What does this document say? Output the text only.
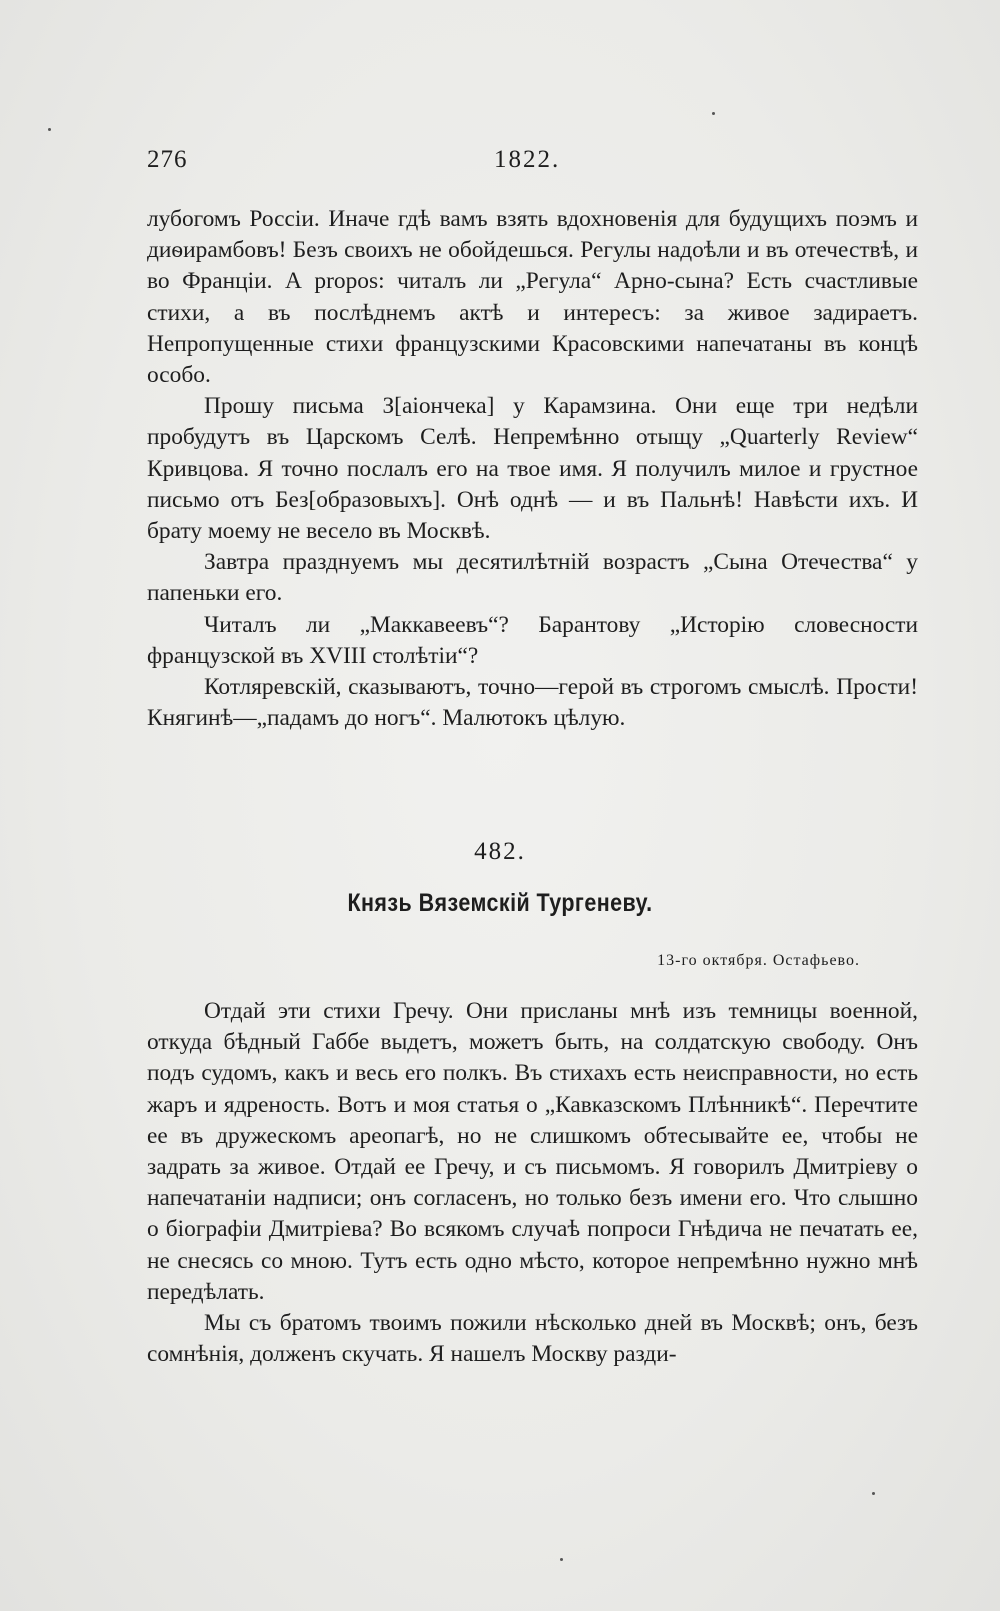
276	1822.

лубогомъ Россіи. Иначе гдѣ вамъ взять вдохновенія для будущихъ поэмъ и диѳирамбовъ! Безъ своихъ не обойдешься. Регулы надоѣли и въ отечествѣ, и во Франціи. А propos: читалъ ли „Регула“ Арно-сына? Есть счастливые стихи, а въ послѣднемъ актѣ и интересъ: за живое задираетъ. Непропущенные стихи французскими Красовскими напечатаны въ концѣ особо.

Прошу письма З[аіончека] у Карамзина. Они еще три недѣли пробудутъ въ Царскомъ Селѣ. Непремѣнно отыщу „Quarterly Review“ Кривцова. Я точно послалъ его на твое имя. Я получилъ милое и грустное письмо отъ Без[образовыхъ]. Онѣ однѣ — и въ Пальнѣ! Навѣсти ихъ. И брату моему не весело въ Москвѣ.

Завтра празднуемъ мы десятилѣтній возрастъ „Сына Отечества“ у папеньки его.

Читалъ ли „Маккавеевъ“? Барантову „Исторію словесности французской въ XVIII столѣтіи“?

Котляревскій, сказываютъ, точно—герой въ строгомъ смыслѣ. Прости! Княгинѣ—„падамъ до ногъ“. Малютокъ цѣлую.

482.
Князь Вяземскій Тургеневу.
13-го октября. Остафьево.

Отдай эти стихи Гречу. Они присланы мнѣ изъ темницы военной, откуда бѣдный Габбе выдетъ, можетъ быть, на солдатскую свободу. Онъ подъ судомъ, какъ и весь его полкъ. Въ стихахъ есть неисправности, но есть жаръ и ядреность. Вотъ и моя статья о „Кавказскомъ Плѣнникѣ“. Перечтите ее въ дружескомъ ареопагѣ, но не слишкомъ обтесывайте ее, чтобы не задрать за живое. Отдай ее Гречу, и съ письмомъ. Я говорилъ Дмитріеву о напечатаніи надписи; онъ согласенъ, но только безъ имени его. Что слышно о біографіи Дмитріева? Во всякомъ случаѣ попроси Гнѣдича не печатать ее, не снесясь со мною. Тутъ есть одно мѣсто, которое непремѣнно нужно мнѣ передѣлать.

Мы съ братомъ твоимъ пожили нѣсколько дней въ Москвѣ; онъ, безъ сомнѣнія, долженъ скучать. Я нашелъ Москву разди-
